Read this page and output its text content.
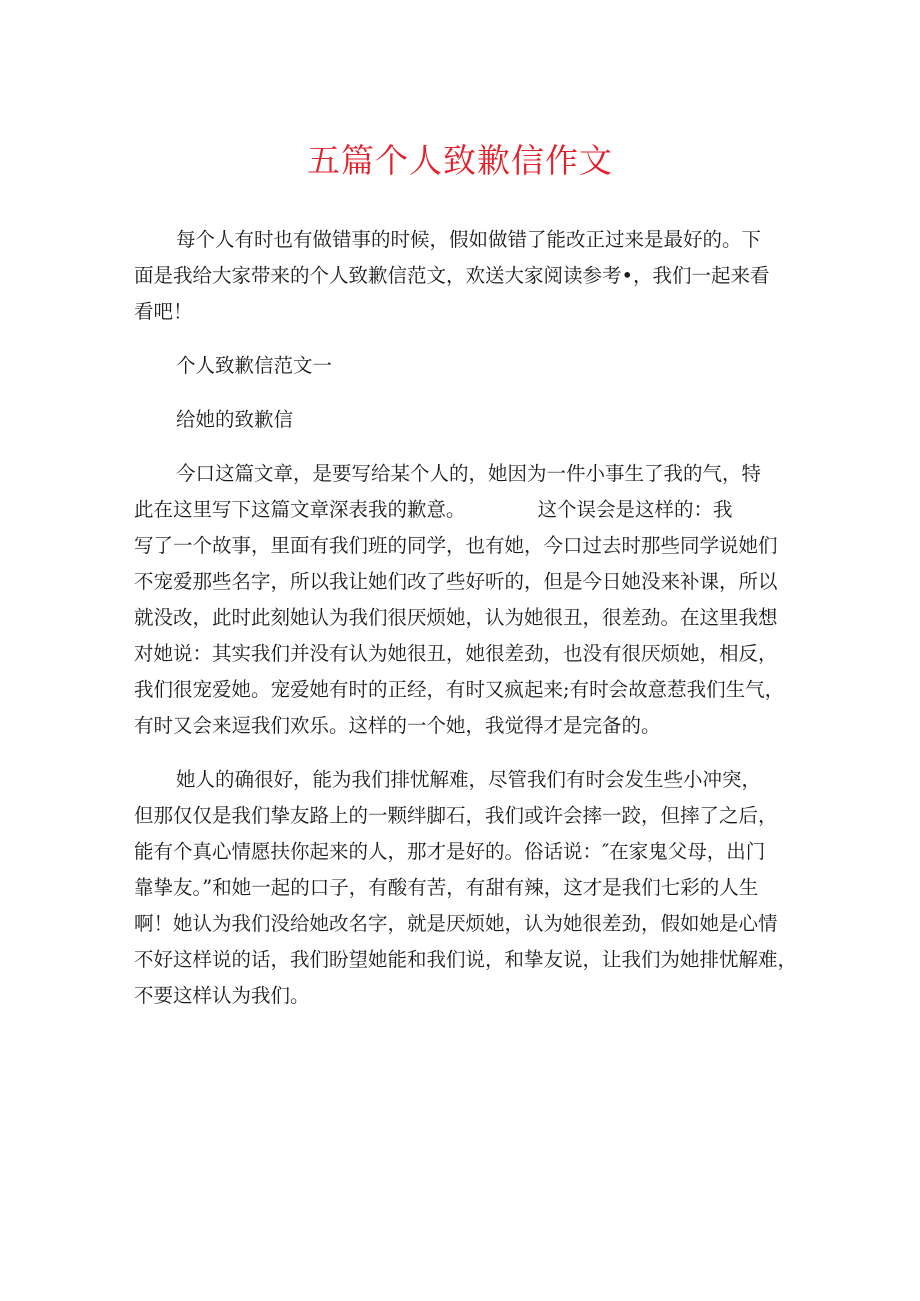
五篇个人致歉信作文
每个人有时也有做错事的时候，假如做错了能改正过来是最好的。下
面是我给大家带来的个人致歉信范文，欢送大家阅读参考•，我们一起来看
看吧！
个人致歉信范文一
给她的致歉信
今口这篇文章，是要写给某个人的，她因为一件小事生了我的气，特
此在这里写下这篇文章深表我的歉意。	这个误会是这样的：我
写了一个故事，里面有我们班的同学，也有她，今口过去时那些同学说她们
不宠爱那些名字，所以我让她们改了些好听的，但是今日她没来补课，所以
就没改，此时此刻她认为我们很厌烦她，认为她很丑，很差劲。在这里我想
对她说：其实我们并没有认为她很丑，她很差劲，也没有很厌烦她，相反，
我们很宠爱她。宠爱她有时的正经，有时又疯起来;有时会故意惹我们生气，
有时又会来逗我们欢乐。这样的一个她，我觉得才是完备的。
她人的确很好，能为我们排忧解难，尽管我们有时会发生些小冲突，
但那仅仅是我们挚友路上的一颗绊脚石，我们或许会摔一跤，但摔了之后，
能有个真心情愿扶你起来的人，那才是好的。俗话说：″在家鬼父母，出门
靠挚友。”和她一起的口子，有酸有苦，有甜有辣，这才是我们七彩的人生
啊！她认为我们没给她改名字，就是厌烦她，认为她很差劲，假如她是心情
不好这样说的话，我们盼望她能和我们说，和挚友说，让我们为她排忧解难，
不要这样认为我们。
